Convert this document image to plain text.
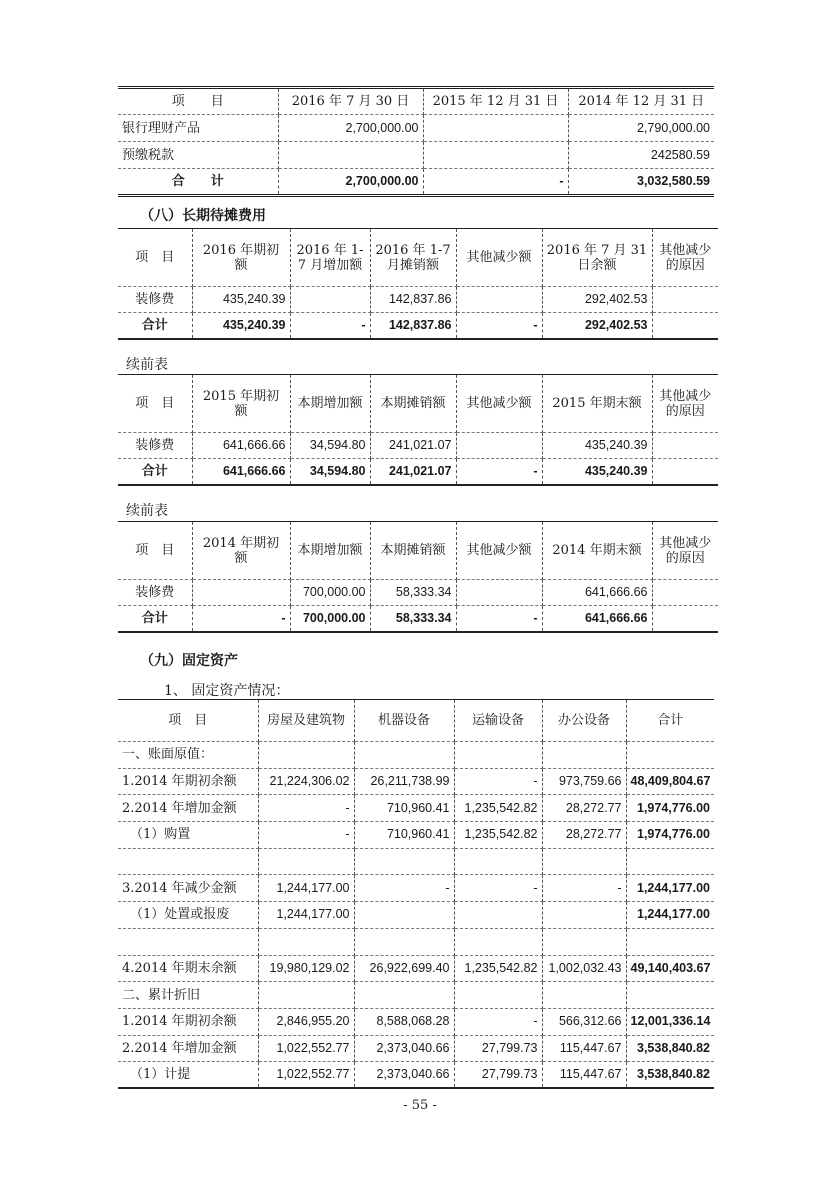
项　　目	2016 年 7 月 30 日	2015 年 12 月 31 日	2014 年 12 月 31 日
银行理财产品	2,700,000.00		2,790,000.00
预缴税款			242580.59
合　　计	2,700,000.00	-	3,032,580.59
（八）长期待摊费用
项　目	2016 年期初额	2016 年 1-7 月增加额	2016 年 1-7 月摊销额	其他减少额	2016 年 7 月 31 日余额	其他减少的原因
装修费	435,240.39		142,837.86		292,402.53	
合计	435,240.39	-	142,837.86	-	292,402.53	
续前表
项　目	2015 年期初额	本期增加额	本期摊销额	其他减少额	2015 年期末额	其他减少的原因
装修费	641,666.66	34,594.80	241,021.07		435,240.39	
合计	641,666.66	34,594.80	241,021.07	-	435,240.39	
续前表
项　目	2014 年期初额	本期增加额	本期摊销额	其他减少额	2014 年期末额	其他减少的原因
装修费		700,000.00	58,333.34		641,666.66	
合计	-	700,000.00	58,333.34	-	641,666.66	
（九）固定资产
1、 固定资产情况：
项　目	房屋及建筑物	机器设备	运输设备	办公设备	合计
一、账面原值：					
1.2014 年期初余额	21,224,306.02	26,211,738.99	-	973,759.66	48,409,804.67
2.2014 年增加金额	-	710,960.41	1,235,542.82	28,272.77	1,974,776.00
（1）购置	-	710,960.41	1,235,542.82	28,272.77	1,974,776.00

3.2014 年减少金额	1,244,177.00	-	-	-	1,244,177.00
（1）处置或报废	1,244,177.00				1,244,177.00

4.2014 年期末余额	19,980,129.02	26,922,699.40	1,235,542.82	1,002,032.43	49,140,403.67
二、累计折旧					
1.2014 年期初余额	2,846,955.20	8,588,068.28	-	566,312.66	12,001,336.14
2.2014 年增加金额	1,022,552.77	2,373,040.66	27,799.73	115,447.67	3,538,840.82
（1）计提	1,022,552.77	2,373,040.66	27,799.73	115,447.67	3,538,840.82
- 55 -
